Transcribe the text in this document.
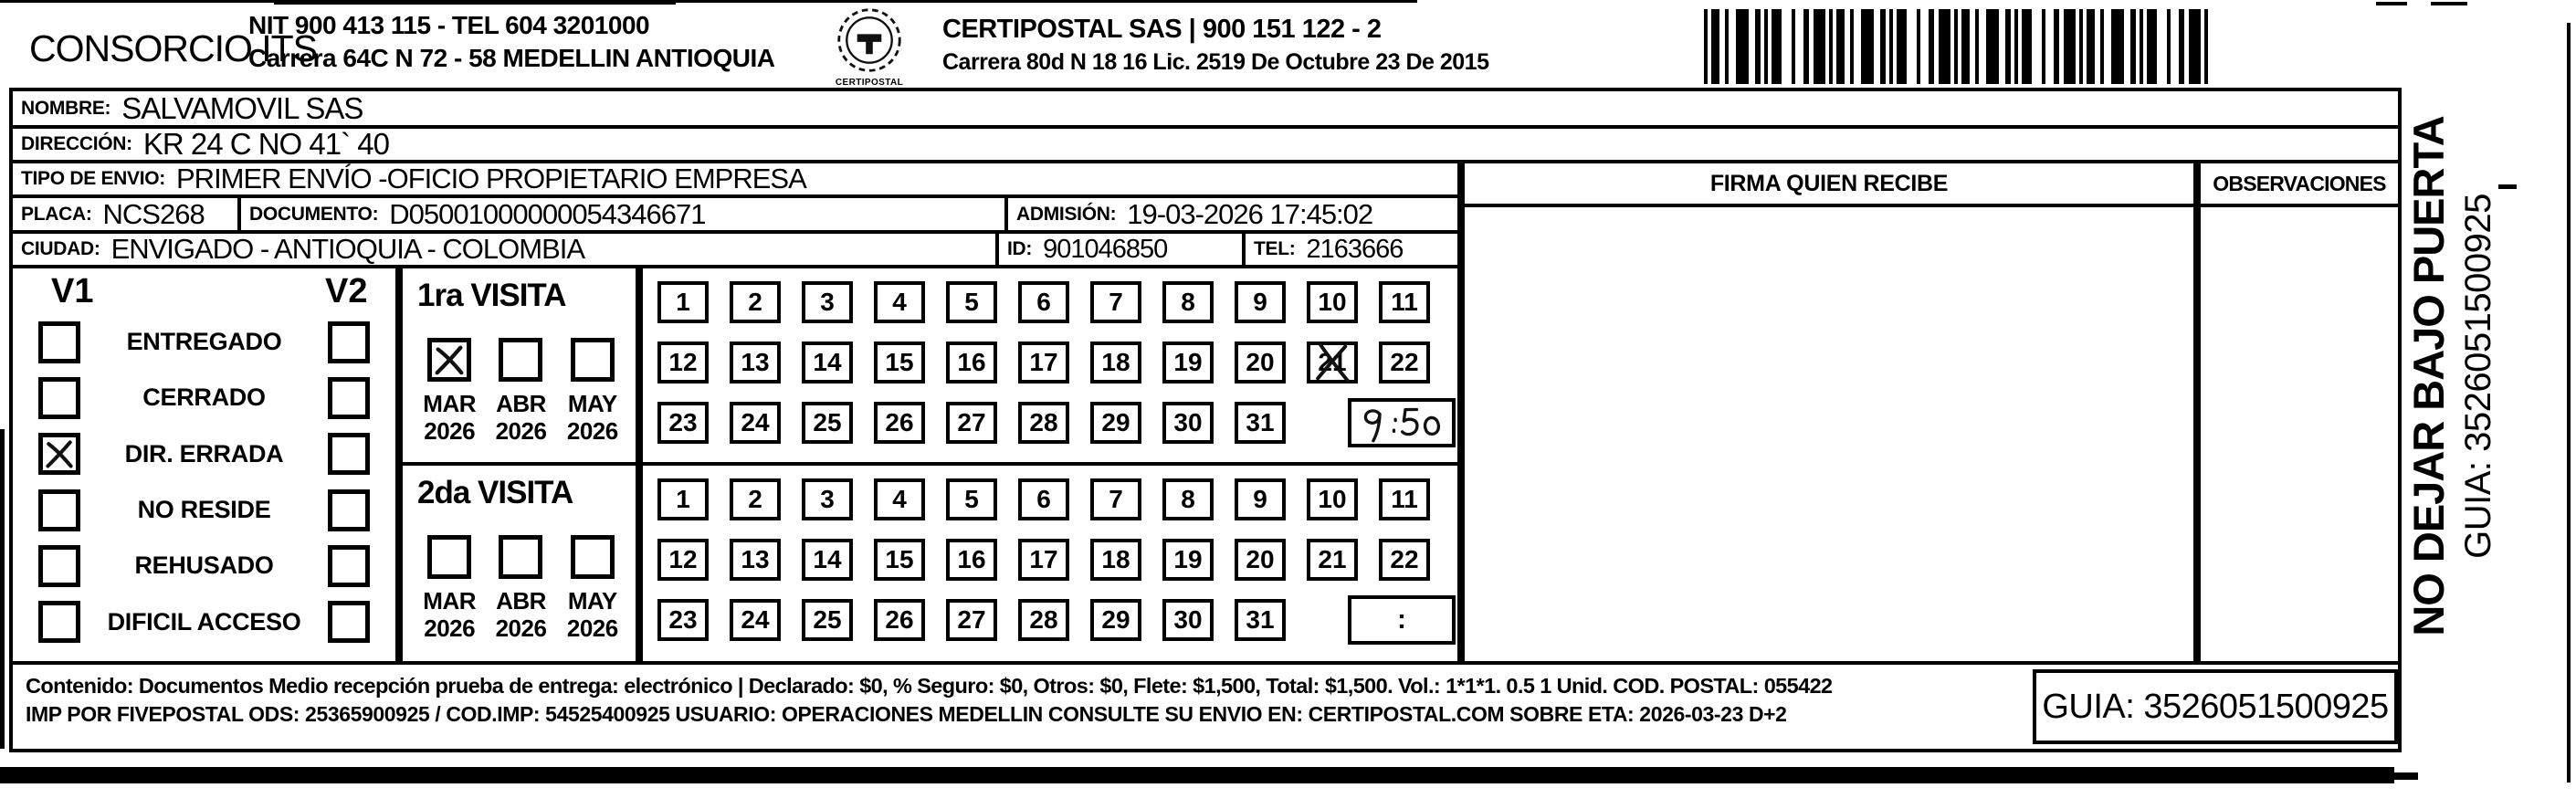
CONSORCIO ITS
NIT 900 413 115 - TEL 604 3201000
Carrera 64C N 72 - 58 MEDELLIN ANTIOQUIA
CERTIPOSTAL
CERTIPOSTAL SAS | 900 151 122 - 2
Carrera 80d N 18 16 Lic. 2519 De Octubre 23 De 2015
NOMBRE: SALVAMOVIL SAS
DIRECCIÓN: KR 24 C NO 41` 40
TIPO DE ENVIO: PRIMER ENVÍO -OFICIO PROPIETARIO EMPRESA
PLACA: NCS268 DOCUMENTO: D05001000000054346671	ADMISIÓN: 19-03-2026 17:45:02
CIUDAD: ENVIGADO - ANTIOQUIA - COLOMBIA	ID: 901046850	TEL: 2163666
V1	V2
ENTREGADO
CERRADO
DIR. ERRADA
NO RESIDE
REHUSADO
DIFICIL ACCESO
1ra VISITA
MAR
2026
ABR
2026
MAY
2026
1	2	3	4	5	6	7	8	9	10	11
12	13	14	15	16	17	18	19	20	21	22
23	24	25	26	27	28	29	30	31
2da VISITA
MAR
2026
ABR
2026
MAY
2026
1	2	3	4	5	6	7	8	9	10	11
12	13	14	15	16	17	18	19	20	21	22
23	24	25	26	27	28	29	30	31	:
FIRMA QUIEN RECIBE	OBSERVACIONES
Contenido: Documentos Medio recepción prueba de entrega: electrónico | Declarado: $0, % Seguro: $0, Otros: $0, Flete: $1,500, Total: $1,500. Vol.: 1*1*1. 0.5 1 Unid. COD. POSTAL: 055422
IMP POR FIVEPOSTAL ODS: 25365900925 / COD.IMP: 54525400925 USUARIO: OPERACIONES MEDELLIN CONSULTE SU ENVIO EN: CERTIPOSTAL.COM SOBRE ETA: 2026-03-23 D+2	GUIA: 3526051500925
NO DEJAR BAJO PUERTA GUIA: 3526051500925
